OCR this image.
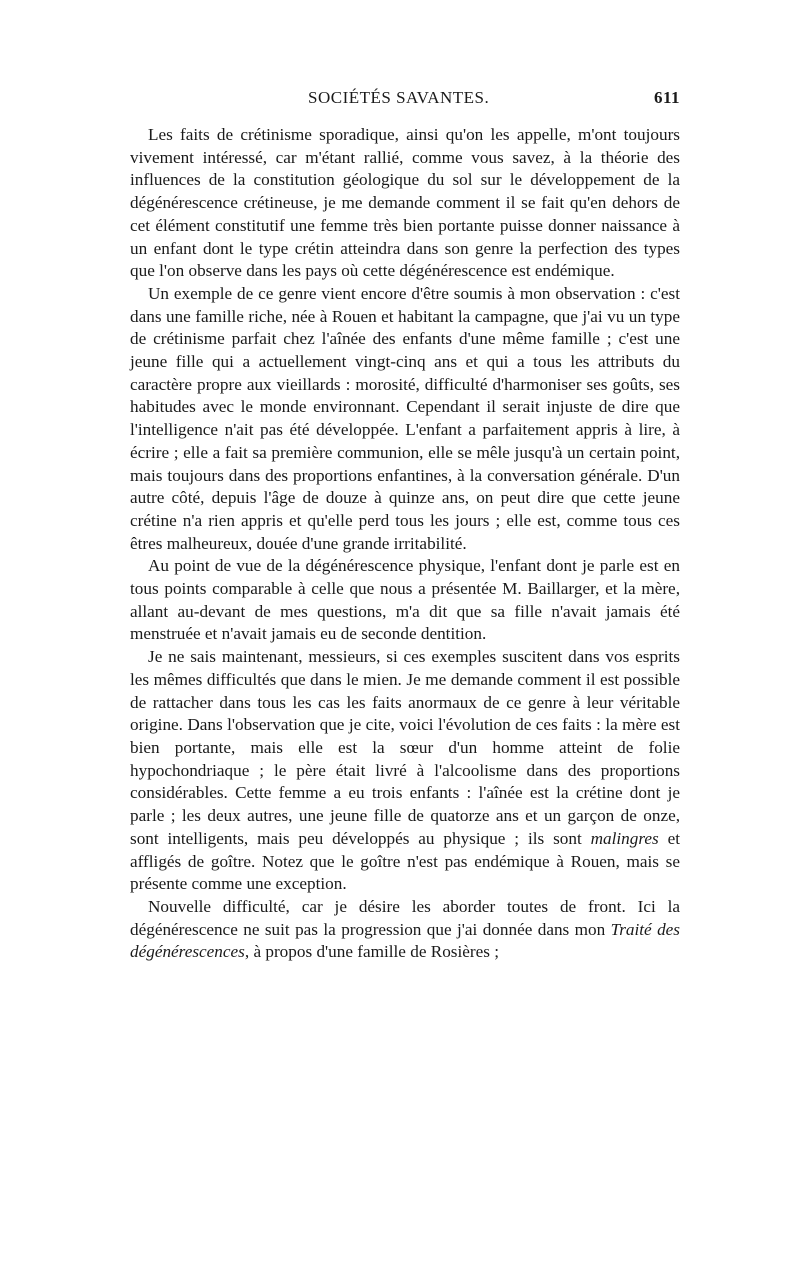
SOCIÉTÉS SAVANTES.	611

Les faits de crétinisme sporadique, ainsi qu'on les appelle, m'ont toujours vivement intéressé, car m'étant rallié, comme vous savez, à la théorie des influences de la constitution géologique du sol sur le développement de la dégénérescence crétineuse, je me demande comment il se fait qu'en dehors de cet élément constitutif une femme très bien portante puisse donner naissance à un enfant dont le type crétin atteindra dans son genre la perfection des types que l'on observe dans les pays où cette dégénérescence est endémique.

Un exemple de ce genre vient encore d'être soumis à mon observation : c'est dans une famille riche, née à Rouen et habitant la campagne, que j'ai vu un type de crétinisme parfait chez l'aînée des enfants d'une même famille ; c'est une jeune fille qui a actuellement vingt-cinq ans et qui a tous les attributs du caractère propre aux vieillards : morosité, difficulté d'harmoniser ses goûts, ses habitudes avec le monde environnant. Cependant il serait injuste de dire que l'intelligence n'ait pas été développée. L'enfant a parfaitement appris à lire, à écrire ; elle a fait sa première communion, elle se mêle jusqu'à un certain point, mais toujours dans des proportions enfantines, à la conversation générale. D'un autre côté, depuis l'âge de douze à quinze ans, on peut dire que cette jeune crétine n'a rien appris et qu'elle perd tous les jours ; elle est, comme tous ces êtres malheureux, douée d'une grande irritabilité.

Au point de vue de la dégénérescence physique, l'enfant dont je parle est en tous points comparable à celle que nous a présentée M. Baillarger, et la mère, allant au-devant de mes questions, m'a dit que sa fille n'avait jamais été menstruée et n'avait jamais eu de seconde dentition.

Je ne sais maintenant, messieurs, si ces exemples suscitent dans vos esprits les mêmes difficultés que dans le mien. Je me demande comment il est possible de rattacher dans tous les cas les faits anormaux de ce genre à leur véritable origine. Dans l'observation que je cite, voici l'évolution de ces faits : la mère est bien portante, mais elle est la sœur d'un homme atteint de folie hypochondriaque ; le père était livré à l'alcoolisme dans des proportions considérables. Cette femme a eu trois enfants : l'aînée est la crétine dont je parle ; les deux autres, une jeune fille de quatorze ans et un garçon de onze, sont intelligents, mais peu développés au physique ; ils sont malingres et affligés de goître. Notez que le goître n'est pas endémique à Rouen, mais se présente comme une exception.

Nouvelle difficulté, car je désire les aborder toutes de front. Ici la dégénérescence ne suit pas la progression que j'ai donnée dans mon Traité des dégénérescences, à propos d'une famille de Rosières ;
